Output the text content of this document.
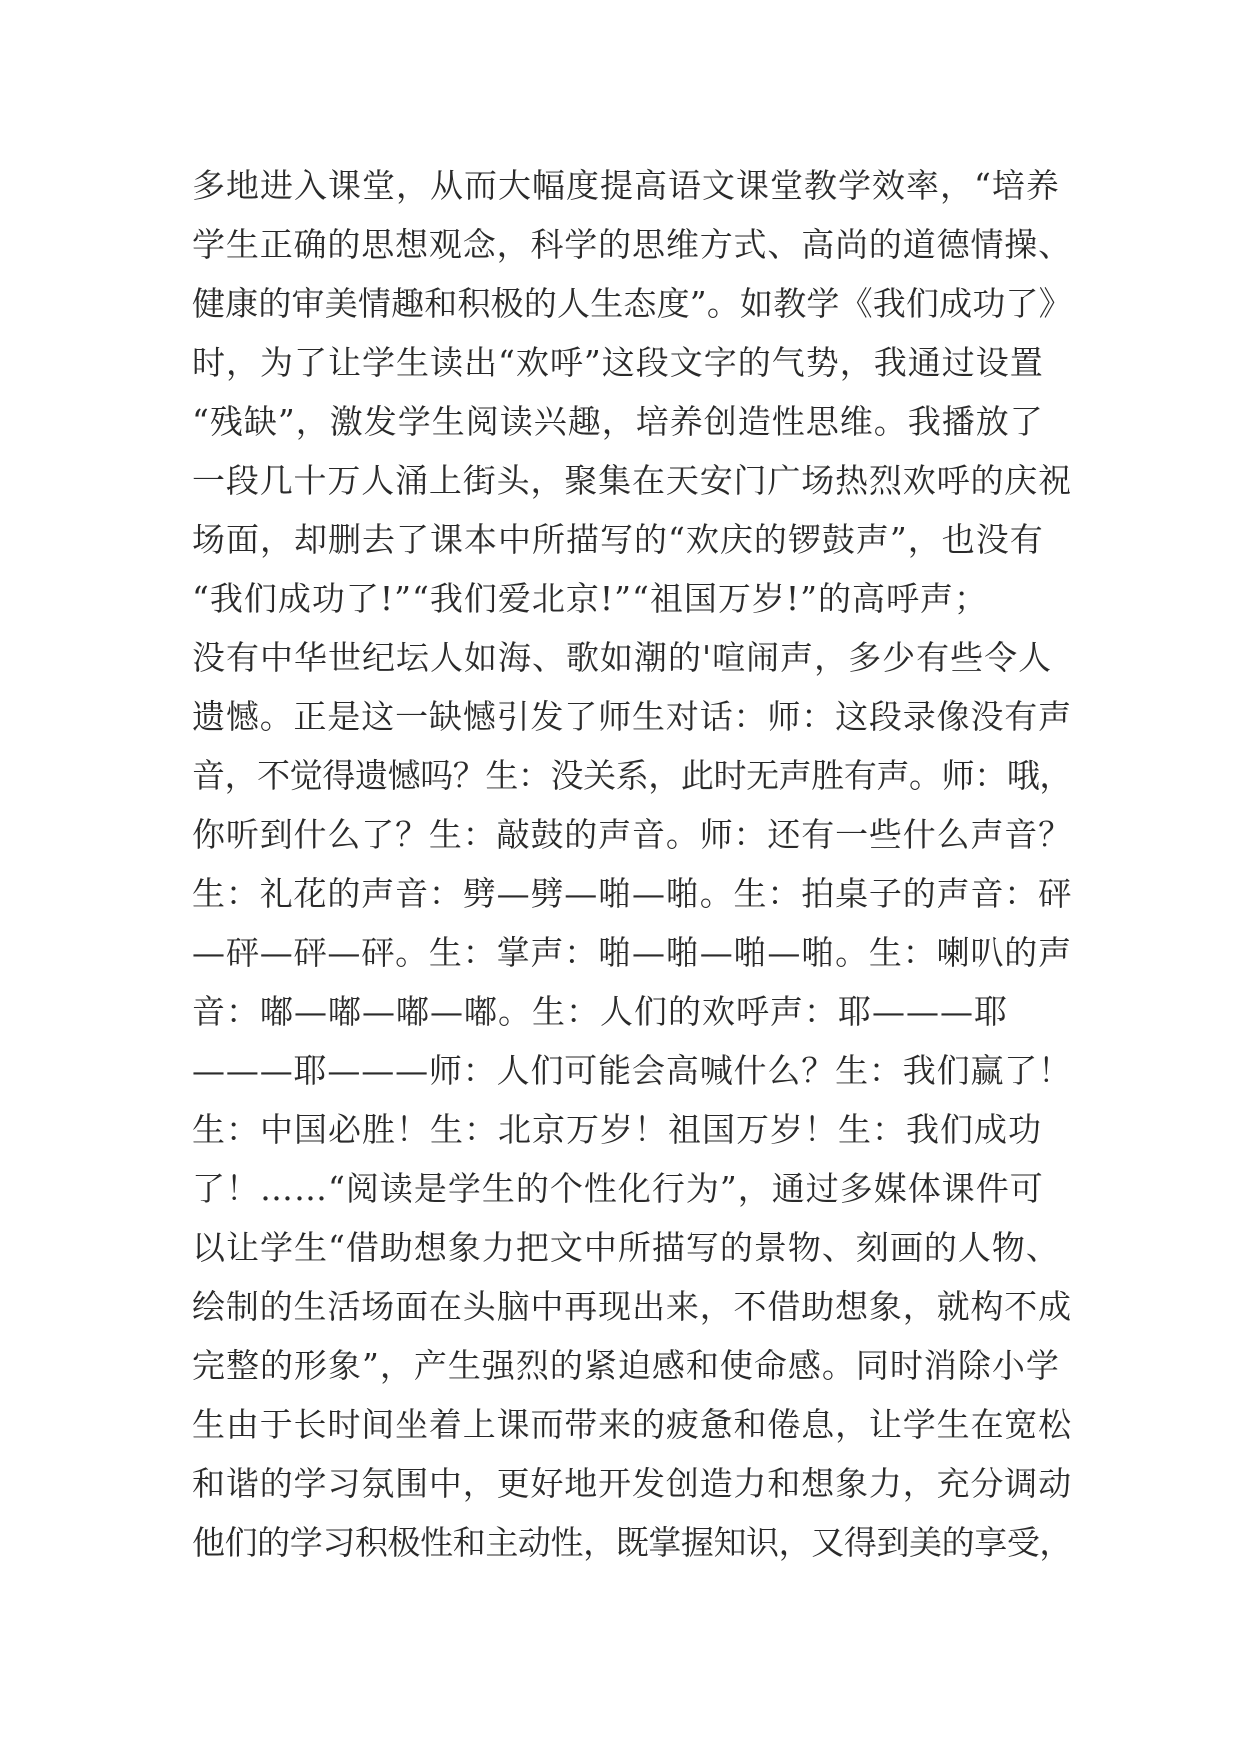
多地进入课堂，从而大幅度提高语文课堂教学效率，“培养
学生正确的思想观念，科学的思维方式、高尚的道德情操、
健康的审美情趣和积极的人生态度”。如教学《我们成功了》
时，为了让学生读出“欢呼”这段文字的气势，我通过设置
“残缺”，激发学生阅读兴趣，培养创造性思维。我播放了
一段几十万人涌上街头，聚集在天安门广场热烈欢呼的庆祝
场面，却删去了课本中所描写的“欢庆的锣鼓声”，也没有
“我们成功了!”“我们爱北京!”“祖国万岁!”的高呼声；
没有中华世纪坛人如海、歌如潮的'喧闹声，多少有些令人
遗憾。正是这一缺憾引发了师生对话：师：这段录像没有声
音，不觉得遗憾吗？生：没关系，此时无声胜有声。师：哦，
你听到什么了？生：敲鼓的声音。师：还有一些什么声音？
生：礼花的声音：劈—劈—啪—啪。生：拍桌子的声音：砰
—砰—砰—砰。生：掌声：啪—啪—啪—啪。生：喇叭的声
音：嘟—嘟—嘟—嘟。生：人们的欢呼声：耶———耶
———耶———师：人们可能会高喊什么？生：我们赢了！
生：中国必胜！生：北京万岁！祖国万岁！生：我们成功
了！……“阅读是学生的个性化行为”，通过多媒体课件可
以让学生“借助想象力把文中所描写的景物、刻画的人物、
绘制的生活场面在头脑中再现出来，不借助想象，就构不成
完整的形象”，产生强烈的紧迫感和使命感。同时消除小学
生由于长时间坐着上课而带来的疲惫和倦息，让学生在宽松
和谐的学习氛围中，更好地开发创造力和想象力，充分调动
他们的学习积极性和主动性，既掌握知识，又得到美的享受，
